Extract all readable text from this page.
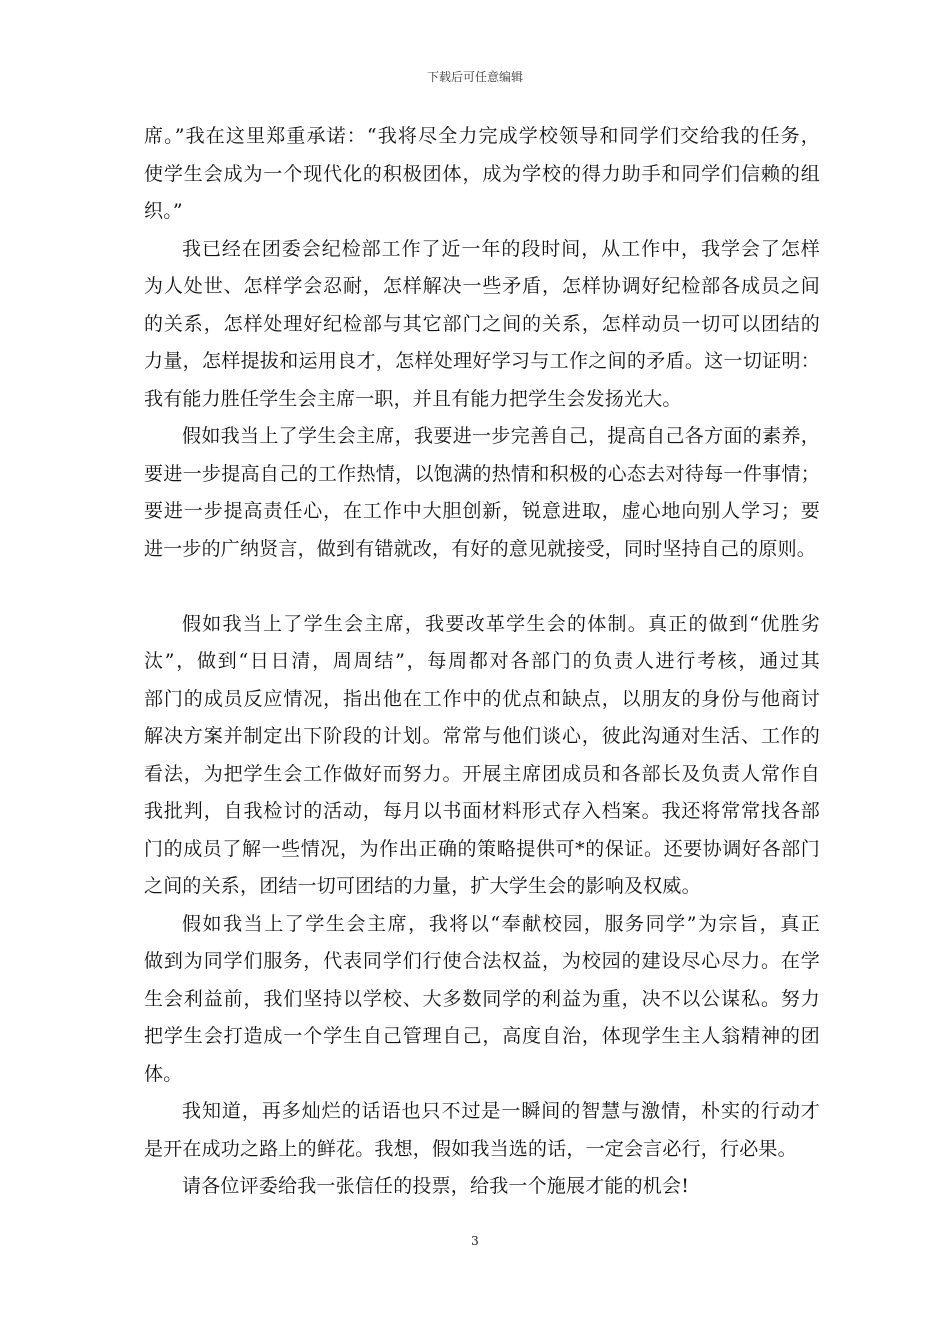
下载后可任意编辑
席。”我在这里郑重承诺：“我将尽全力完成学校领导和同学们交给我的任务，
使学生会成为一个现代化的积极团体，成为学校的得力助手和同学们信赖的组
织。”
我已经在团委会纪检部工作了近一年的段时间，从工作中，我学会了怎样
为人处世、怎样学会忍耐，怎样解决一些矛盾，怎样协调好纪检部各成员之间
的关系，怎样处理好纪检部与其它部门之间的关系，怎样动员一切可以团结的
力量，怎样提拔和运用良才，怎样处理好学习与工作之间的矛盾。这一切证明：
我有能力胜任学生会主席一职，并且有能力把学生会发扬光大。
假如我当上了学生会主席，我要进一步完善自己，提高自己各方面的素养，
要进一步提高自己的工作热情，以饱满的热情和积极的心态去对待每一件事情；
要进一步提高责任心，在工作中大胆创新，锐意进取，虚心地向别人学习；要
进一步的广纳贤言，做到有错就改，有好的意见就接受，同时坚持自己的原则。
假如我当上了学生会主席，我要改革学生会的体制。真正的做到“优胜劣
汰”，做到“日日清，周周结”，每周都对各部门的负责人进行考核，通过其
部门的成员反应情况，指出他在工作中的优点和缺点，以朋友的身份与他商讨
解决方案并制定出下阶段的计划。常常与他们谈心，彼此沟通对生活、工作的
看法，为把学生会工作做好而努力。开展主席团成员和各部长及负责人常作自
我批判，自我检讨的活动，每月以书面材料形式存入档案。我还将常常找各部
门的成员了解一些情况，为作出正确的策略提供可*的保证。还要协调好各部门
之间的关系，团结一切可团结的力量，扩大学生会的影响及权威。
假如我当上了学生会主席，我将以“奉献校园，服务同学”为宗旨，真正
做到为同学们服务，代表同学们行使合法权益，为校园的建设尽心尽力。在学
生会利益前，我们坚持以学校、大多数同学的利益为重，决不以公谋私。努力
把学生会打造成一个学生自己管理自己，高度自治，体现学生主人翁精神的团
体。
我知道，再多灿烂的话语也只不过是一瞬间的智慧与激情，朴实的行动才
是开在成功之路上的鲜花。我想，假如我当选的话，一定会言必行，行必果。
请各位评委给我一张信任的投票，给我一个施展才能的机会!
3
